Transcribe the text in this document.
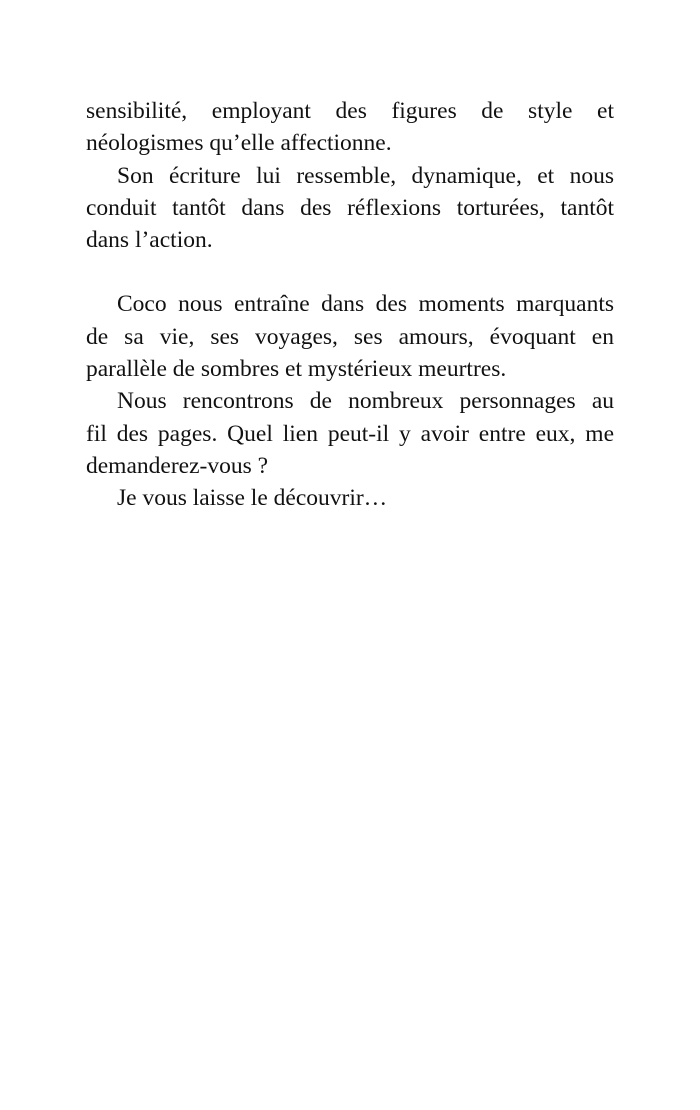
sensibilité, employant des figures de style et

néologismes qu’elle affectionne.

Son écriture lui ressemble, dynamique, et nous

conduit tantôt dans des réflexions torturées, tantôt

dans l’action.

Coco nous entraîne dans des moments marquants

de sa vie, ses voyages, ses amours, évoquant en

parallèle de sombres et mystérieux meurtres.

Nous rencontrons de nombreux personnages au

fil des pages. Quel lien peut-il y avoir entre eux, me

demanderez-vous ?

Je vous laisse le découvrir…
